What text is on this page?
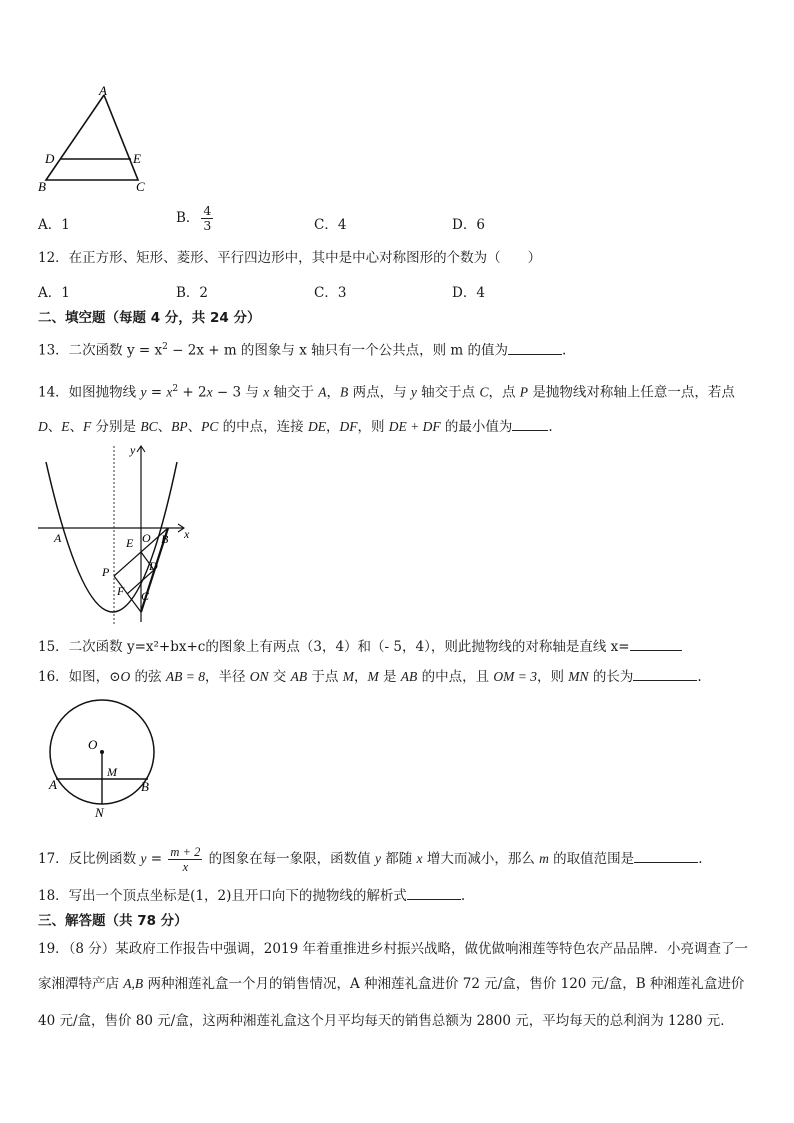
A
D	E
B	C
A．1	B． $\frac{4}{3}$	C．4	D．6
12．在正方形、矩形、菱形、平行四边形中，其中是中心对称图形的个数为（　　）
A．1	B．2	C．3	D．4
二、填空题（每题 4 分，共 24 分）
13．二次函数 $y = x^2 - 2x + m$ 的图象与 x 轴只有一个公共点，则 m 的值为	.
14．如图抛物线 $y = x^2 + 2x - 3$ 与 x 轴交于 A，B 两点，与 y 轴交于点 C，点 P 是抛物线对称轴上任意一点，若点
D、E、F 分别是 BC、BP、PC 的中点，连接 DE，DF，则 DE + DF 的最小值为	.
y
x
A	O B
E
D
P
F C
15．二次函数 y=x²+bx+c的图象上有两点（3，4）和（- 5，4），则此抛物线的对称轴是直线 x=
16．如图，⊙O 的弦 AB = 8，半径 ON 交 AB 于点 M，M 是 AB 的中点，且 OM = 3，则 MN 的长为	.
O
M
A	B
N
17．反比例函数 $y = \frac{m + 2}{x}$ 的图象在每一象限，函数值 y 都随 x 增大而减小，那么 m 的取值范围是	.
18．写出一个顶点坐标是(1，2)且开口向下的抛物线的解析式	.
三、解答题（共 78 分）
19．（8 分）某政府工作报告中强调，2019 年着重推进乡村振兴战略，做优做响湘莲等特色农产品品牌．小亮调查了一
家湘潭特产店 A,B 两种湘莲礼盒一个月的销售情况，A 种湘莲礼盒进价 72 元/盒，售价 120 元/盒，B 种湘莲礼盒进价
40 元/盒，售价 80 元/盒，这两种湘莲礼盒这个月平均每天的销售总额为 2800 元，平均每天的总利润为 1280 元．
